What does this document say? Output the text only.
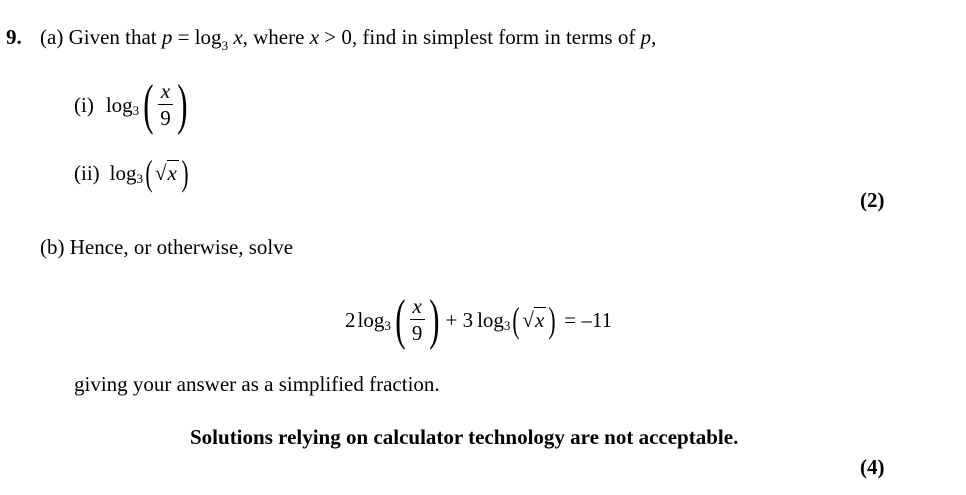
9. (a) Given that $p = \log_3 x$, where x > 0, find in simplest form in terms of p,
(i) log 3 ( $\frac{x}{9}$ )
(ii) log 3 ( √x )
(2)
(b) Hence, or otherwise, solve
2 log 3 ( $\frac{x}{9}$ ) + 3 log 3 ( √x ) = –11
giving your answer as a simplified fraction.
Solutions relying on calculator technology are not acceptable.
(4)
